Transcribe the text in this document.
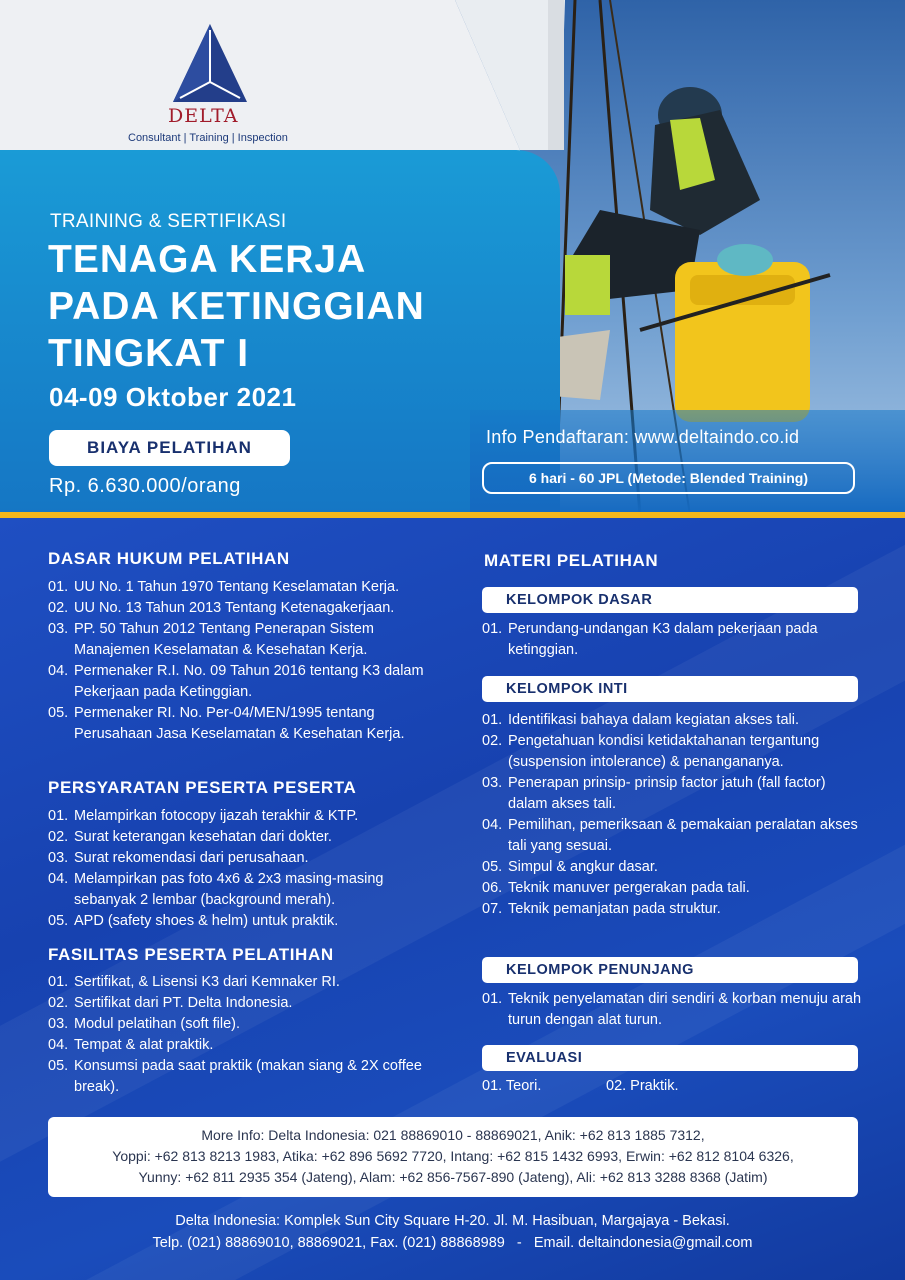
DELTA
Consultant | Training | Inspection
TRAINING & SERTIFIKASI
TENAGA KERJA
PADA KETINGGIAN
TINGKAT I
04-09 Oktober 2021
BIAYA PELATIHAN
Rp. 6.630.000/orang
Info Pendaftaran: www.deltaindo.co.id
6 hari - 60 JPL (Metode: Blended Training)
DASAR HUKUM PELATIHAN
01. UU No. 1 Tahun 1970 Tentang Keselamatan Kerja.
02. UU No. 13 Tahun 2013 Tentang Ketenagakerjaan.
03. PP. 50 Tahun 2012 Tentang Penerapan Sistem Manajemen Keselamatan & Kesehatan Kerja.
04. Permenaker R.I. No. 09 Tahun 2016 tentang K3 dalam Pekerjaan pada Ketinggian.
05. Permenaker RI. No. Per-04/MEN/1995 tentang Perusahaan Jasa Keselamatan & Kesehatan Kerja.
PERSYARATAN PESERTA PESERTA
01. Melampirkan fotocopy ijazah terakhir & KTP.
02. Surat keterangan kesehatan dari dokter.
03. Surat rekomendasi dari perusahaan.
04. Melampirkan pas foto 4x6 & 2x3 masing-masing sebanyak 2 lembar (background merah).
05. APD (safety shoes & helm) untuk praktik.
FASILITAS PESERTA PELATIHAN
01. Sertifikat, & Lisensi K3 dari Kemnaker RI.
02. Sertifikat dari PT. Delta Indonesia.
03. Modul pelatihan (soft file).
04. Tempat & alat praktik.
05. Konsumsi pada saat praktik (makan siang & 2X coffee break).
MATERI PELATIHAN
KELOMPOK DASAR
01. Perundang-undangan K3 dalam pekerjaan pada ketinggian.
KELOMPOK INTI
01. Identifikasi bahaya dalam kegiatan akses tali.
02. Pengetahuan kondisi ketidaktahanan tergantung (suspension intolerance) & penangananya.
03. Penerapan prinsip- prinsip factor jatuh (fall factor) dalam akses tali.
04. Pemilihan, pemeriksaan & pemakaian peralatan akses tali yang sesuai.
05. Simpul & angkur dasar.
06. Teknik manuver pergerakan pada tali.
07. Teknik pemanjatan pada struktur.
KELOMPOK PENUNJANG
01. Teknik penyelamatan diri sendiri & korban menuju arah turun dengan alat turun.
EVALUASI
01. Teori.	02. Praktik.
More Info: Delta Indonesia: 021 88869010 - 88869021, Anik: +62 813 1885 7312,
Yoppi: +62 813 8213 1983, Atika: +62 896 5692 7720, Intang: +62 815 1432 6993, Erwin: +62 812 8104 6326,
Yunny: +62 811 2935 354 (Jateng), Alam: +62 856-7567-890 (Jateng), Ali: +62 813 3288 8368 (Jatim)
Delta Indonesia: Komplek Sun City Square H-20. Jl. M. Hasibuan, Margajaya - Bekasi.
Telp. (021) 88869010, 88869021, Fax. (021) 88868989   -   Email. deltaindonesia@gmail.com
